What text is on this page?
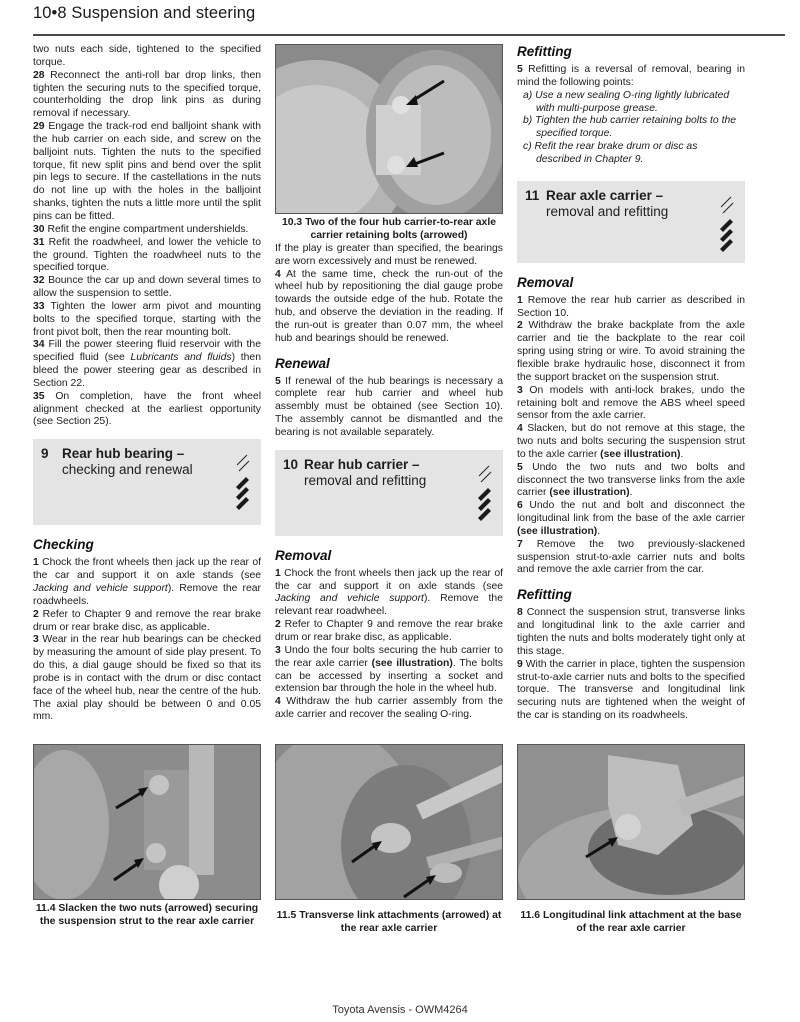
10•8 Suspension and steering

two nuts each side, tightened to the specified torque.

28 Reconnect the anti-roll bar drop links, then tighten the securing nuts to the specified torque, counterholding the drop link pins as during removal if necessary.

29 Engage the track-rod end balljoint shank with the hub carrier on each side, and screw on the balljoint nuts. Tighten the nuts to the specified torque, fit new split pins and bend over the split pin legs to secure. If the castellations in the nuts do not line up with the holes in the balljoint shanks, tighten the nuts a little more until the split pins can be fitted.

30 Refit the engine compartment undershields.

31 Refit the roadwheel, and lower the vehicle to the ground. Tighten the roadwheel nuts to the specified torque.

32 Bounce the car up and down several times to allow the suspension to settle.

33 Tighten the lower arm pivot and mounting bolts to the specified torque, starting with the front pivot bolt, then the rear mounting bolt.

34 Fill the power steering fluid reservoir with the specified fluid (see Lubricants and fluids) then bleed the power steering gear as described in Section 22.

35 On completion, have the front wheel alignment checked at the earliest opportunity (see Section 25).

9 Rear hub bearing –
checking and renewal
Checking

1 Chock the front wheels then jack up the rear of the car and support it on axle stands (see Jacking and vehicle support). Remove the rear roadwheels.

2 Refer to Chapter 9 and remove the rear brake drum or rear brake disc, as applicable.

3 Wear in the rear hub bearings can be checked by measuring the amount of side play present. To do this, a dial gauge should be fixed so that its probe is in contact with the drum or disc contact face of the wheel hub, near the centre of the hub. The axial play should be between 0 and 0.05 mm.

10.3 Two of the four hub carrier-to-rear axle carrier retaining bolts (arrowed)

If the play is greater than specified, the bearings are worn excessively and must be renewed.

4 At the same time, check the run-out of the wheel hub by repositioning the dial gauge probe towards the outside edge of the hub. Rotate the hub, and observe the deviation in the reading. If the run-out is greater than 0.07 mm, the wheel hub and bearings should be renewed.

Renewal

5 If renewal of the hub bearings is necessary a complete rear hub carrier and wheel hub assembly must be obtained (see Section 10). The assembly cannot be dismantled and the bearing is not available separately.

10 Rear hub carrier –
removal and refitting
Removal

1 Chock the front wheels then jack up the rear of the car and support it on axle stands (see Jacking and vehicle support). Remove the relevant rear roadwheel.

2 Refer to Chapter 9 and remove the rear brake drum or rear brake disc, as applicable.

3 Undo the four bolts securing the hub carrier to the rear axle carrier (see illustration). The bolts can be accessed by inserting a socket and extension bar through the hole in the wheel hub.

4 Withdraw the hub carrier assembly from the axle carrier and recover the sealing O-ring.

Refitting

5 Refitting is a reversal of removal, bearing in mind the following points:

a) Use a new sealing O-ring lightly lubricated with multi-purpose grease.
b) Tighten the hub carrier retaining bolts to the specified torque.
c) Refit the rear brake drum or disc as described in Chapter 9.
11 Rear axle carrier –
removal and refitting
Removal

1 Remove the rear hub carrier as described in Section 10.

2 Withdraw the brake backplate from the axle carrier and tie the backplate to the rear coil spring using string or wire. To avoid straining the flexible brake hydraulic hose, disconnect it from the support bracket on the suspension strut.

3 On models with anti-lock brakes, undo the retaining bolt and remove the ABS wheel speed sensor from the axle carrier.

4 Slacken, but do not remove at this stage, the two nuts and bolts securing the suspension strut to the axle carrier (see illustration).

5 Undo the two nuts and two bolts and disconnect the two transverse links from the axle carrier (see illustration).

6 Undo the nut and bolt and disconnect the longitudinal link from the base of the axle carrier (see illustration).

7 Remove the two previously-slackened suspension strut-to-axle carrier nuts and bolts and remove the axle carrier from the car.

Refitting

8 Connect the suspension strut, transverse links and longitudinal link to the axle carrier and tighten the nuts and bolts moderately tight only at this stage.

9 With the carrier in place, tighten the suspension strut-to-axle carrier nuts and bolts to the specified torque. The transverse and longitudinal link securing nuts are tightened when the weight of the car is standing on its roadwheels.

11.4 Slacken the two nuts (arrowed) securing the suspension strut to the rear axle carrier
11.5 Transverse link attachments (arrowed) at the rear axle carrier
11.6 Longitudinal link attachment at the base of the rear axle carrier
Toyota Avensis - OWM4264
